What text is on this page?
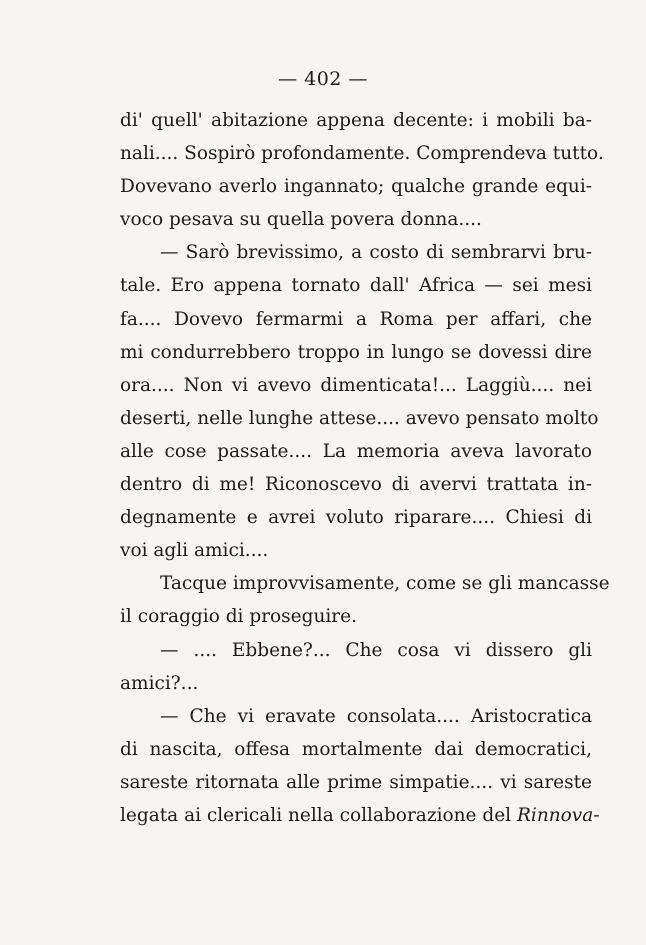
— 402 —
di' quell' abitazione appena decente: i mobili ba-
nali.... Sospirò profondamente. Comprendeva tutto.
Dovevano averlo ingannato; qualche grande equi-
voco pesava su quella povera donna....
— Sarò brevissimo, a costo di sembrarvi bru-
tale. Ero appena tornato dall' Africa — sei mesi
fa.... Dovevo fermarmi a Roma per affari, che
mi condurrebbero troppo in lungo se dovessi dire
ora.... Non vi avevo dimenticata!... Laggiù.... nei
deserti, nelle lunghe attese.... avevo pensato molto
alle cose passate.... La memoria aveva lavorato
dentro di me! Riconoscevo di avervi trattata in-
degnamente e avrei voluto riparare.... Chiesi di
voi agli amici....
Tacque improvvisamente, come se gli mancasse
il coraggio di proseguire.
— .... Ebbene?... Che cosa vi dissero gli
amici?...
— Che vi eravate consolata.... Aristocratica
di nascita, offesa mortalmente dai democratici,
sareste ritornata alle prime simpatie.... vi sareste
legata ai clericali nella collaborazione del Rinnova-
